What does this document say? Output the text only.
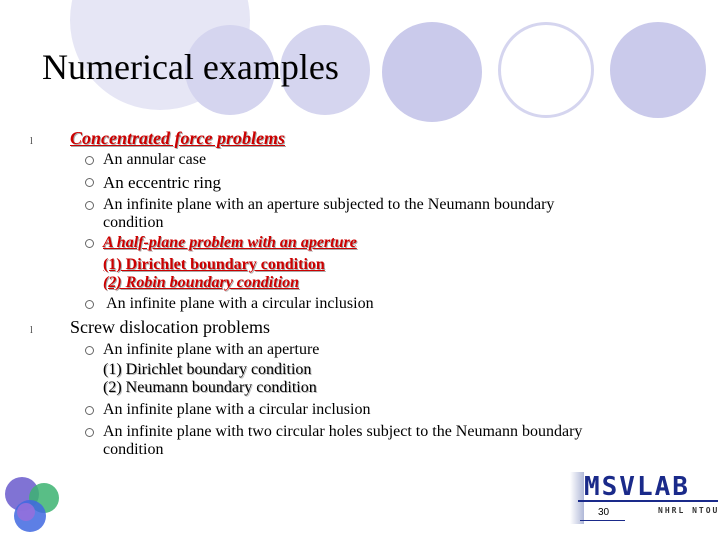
Numerical examples
l Concentrated force problems
An annular case
An eccentric ring
An infinite plane with an aperture subjected to the Neumann boundary
condition
A half-plane problem with an aperture
(1) Dirichlet boundary condition
(2) Robin boundary condition
An infinite plane with a circular inclusion
l Screw dislocation problems
An infinite plane with an aperture
(1) Dirichlet boundary condition
(2) Neumann boundary condition
An infinite plane with a circular inclusion
An infinite plane with two circular holes subject to the Neumann boundary
condition
MSVLAB
NHRL NTOU
30
